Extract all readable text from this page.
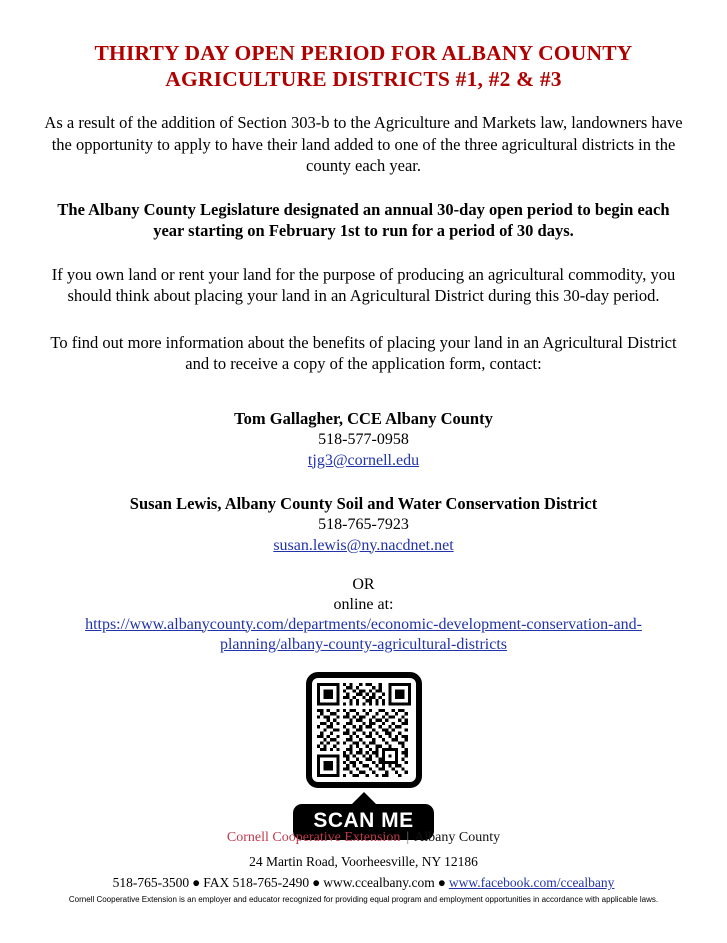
THIRTY DAY OPEN PERIOD FOR ALBANY COUNTY
AGRICULTURE DISTRICTS #1, #2 & #3

As a result of the addition of Section 303-b to the Agriculture and Markets law, landowners have the opportunity to apply to have their land added to one of the three agricultural districts in the county each year.

The Albany County Legislature designated an annual 30-day open period to begin each year starting on February 1st to run for a period of 30 days.

If you own land or rent your land for the purpose of producing an agricultural commodity, you should think about placing your land in an Agricultural District during this 30-day period.

To find out more information about the benefits of placing your land in an Agricultural District and to receive a copy of the application form, contact:

Tom Gallagher, CCE Albany County
518-577-0958
tjg3@cornell.edu
Susan Lewis, Albany County Soil and Water Conservation District
518-765-7923
susan.lewis@ny.nacdnet.net
OR
online at:
https://www.albanycounty.com/departments/economic-development-conservation-and-planning/albany-county-agricultural-districts
SCAN ME
Cornell Cooperative Extension | Albany County
24 Martin Road, Voorheesville, NY 12186
518-765-3500 ● FAX 518-765-2490 ● www.ccealbany.com ● www.facebook.com/ccealbany
Cornell Cooperative Extension is an employer and educator recognized for providing equal program and employment opportunities in accordance with applicable laws.
